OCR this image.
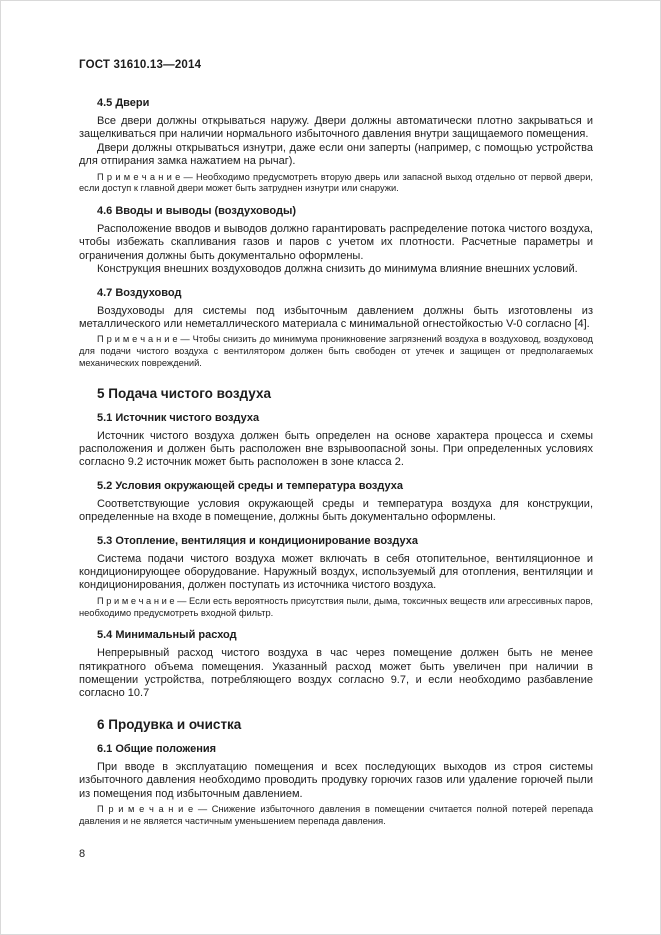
ГОСТ 31610.13—2014
4.5 Двери

Все двери должны открываться наружу. Двери должны автоматически плотно закрываться и защелкиваться при наличии нормального избыточного давления внутри защищаемого помещения.

Двери должны открываться изнутри, даже если они заперты (например, с помощью устройства для отпирания замка нажатием на рычаг).

П р и м е ч а н и е — Необходимо предусмотреть вторую дверь или запасной выход отдельно от первой двери, если доступ к главной двери может быть затруднен изнутри или снаружи.

4.6 Вводы и выводы (воздуховоды)

Расположение вводов и выводов должно гарантировать распределение потока чистого воздуха, чтобы избежать скапливания газов и паров с учетом их плотности. Расчетные параметры и ограничения должны быть документально оформлены.

Конструкция внешних воздуховодов должна снизить до минимума влияние внешних условий.

4.7 Воздуховод

Воздуховоды для системы под избыточным давлением должны быть изготовлены из металлического или неметаллического материала с минимальной огнестойкостью V-0 согласно [4].

П р и м е ч а н и е — Чтобы снизить до минимума проникновение загрязнений воздуха в воздуховод, воздуховод для подачи чистого воздуха с вентилятором должен быть свободен от утечек и защищен от предполагаемых механических повреждений.

5 Подача чистого воздуха
5.1 Источник чистого воздуха

Источник чистого воздуха должен быть определен на основе характера процесса и схемы расположения и должен быть расположен вне взрывоопасной зоны. При определенных условиях согласно 9.2 источник может быть расположен в зоне класса 2.

5.2 Условия окружающей среды и температура воздуха

Соответствующие условия окружающей среды и температура воздуха для конструкции, определенные на входе в помещение, должны быть документально оформлены.

5.3 Отопление, вентиляция и кондиционирование воздуха

Система подачи чистого воздуха может включать в себя отопительное, вентиляционное и кондиционирующее оборудование. Наружный воздух, используемый для отопления, вентиляции и кондиционирования, должен поступать из источника чистого воздуха.

П р и м е ч а н и е — Если есть вероятность присутствия пыли, дыма, токсичных веществ или агрессивных паров, необходимо предусмотреть входной фильтр.

5.4 Минимальный расход

Непрерывный расход чистого воздуха в час через помещение должен быть не менее пятикратного объема помещения. Указанный расход может быть увеличен при наличии в помещении устройства, потребляющего воздух согласно 9.7, и если необходимо разбавление согласно 10.7

6 Продувка и очистка
6.1 Общие положения

При вводе в эксплуатацию помещения и всех последующих выходов из строя системы избыточного давления необходимо проводить продувку горючих газов или удаление горючей пыли из помещения под избыточным давлением.

П р и м е ч а н и е — Снижение избыточного давления в помещении считается полной потерей перепада давления и не является частичным уменьшением перепада давления.

8
